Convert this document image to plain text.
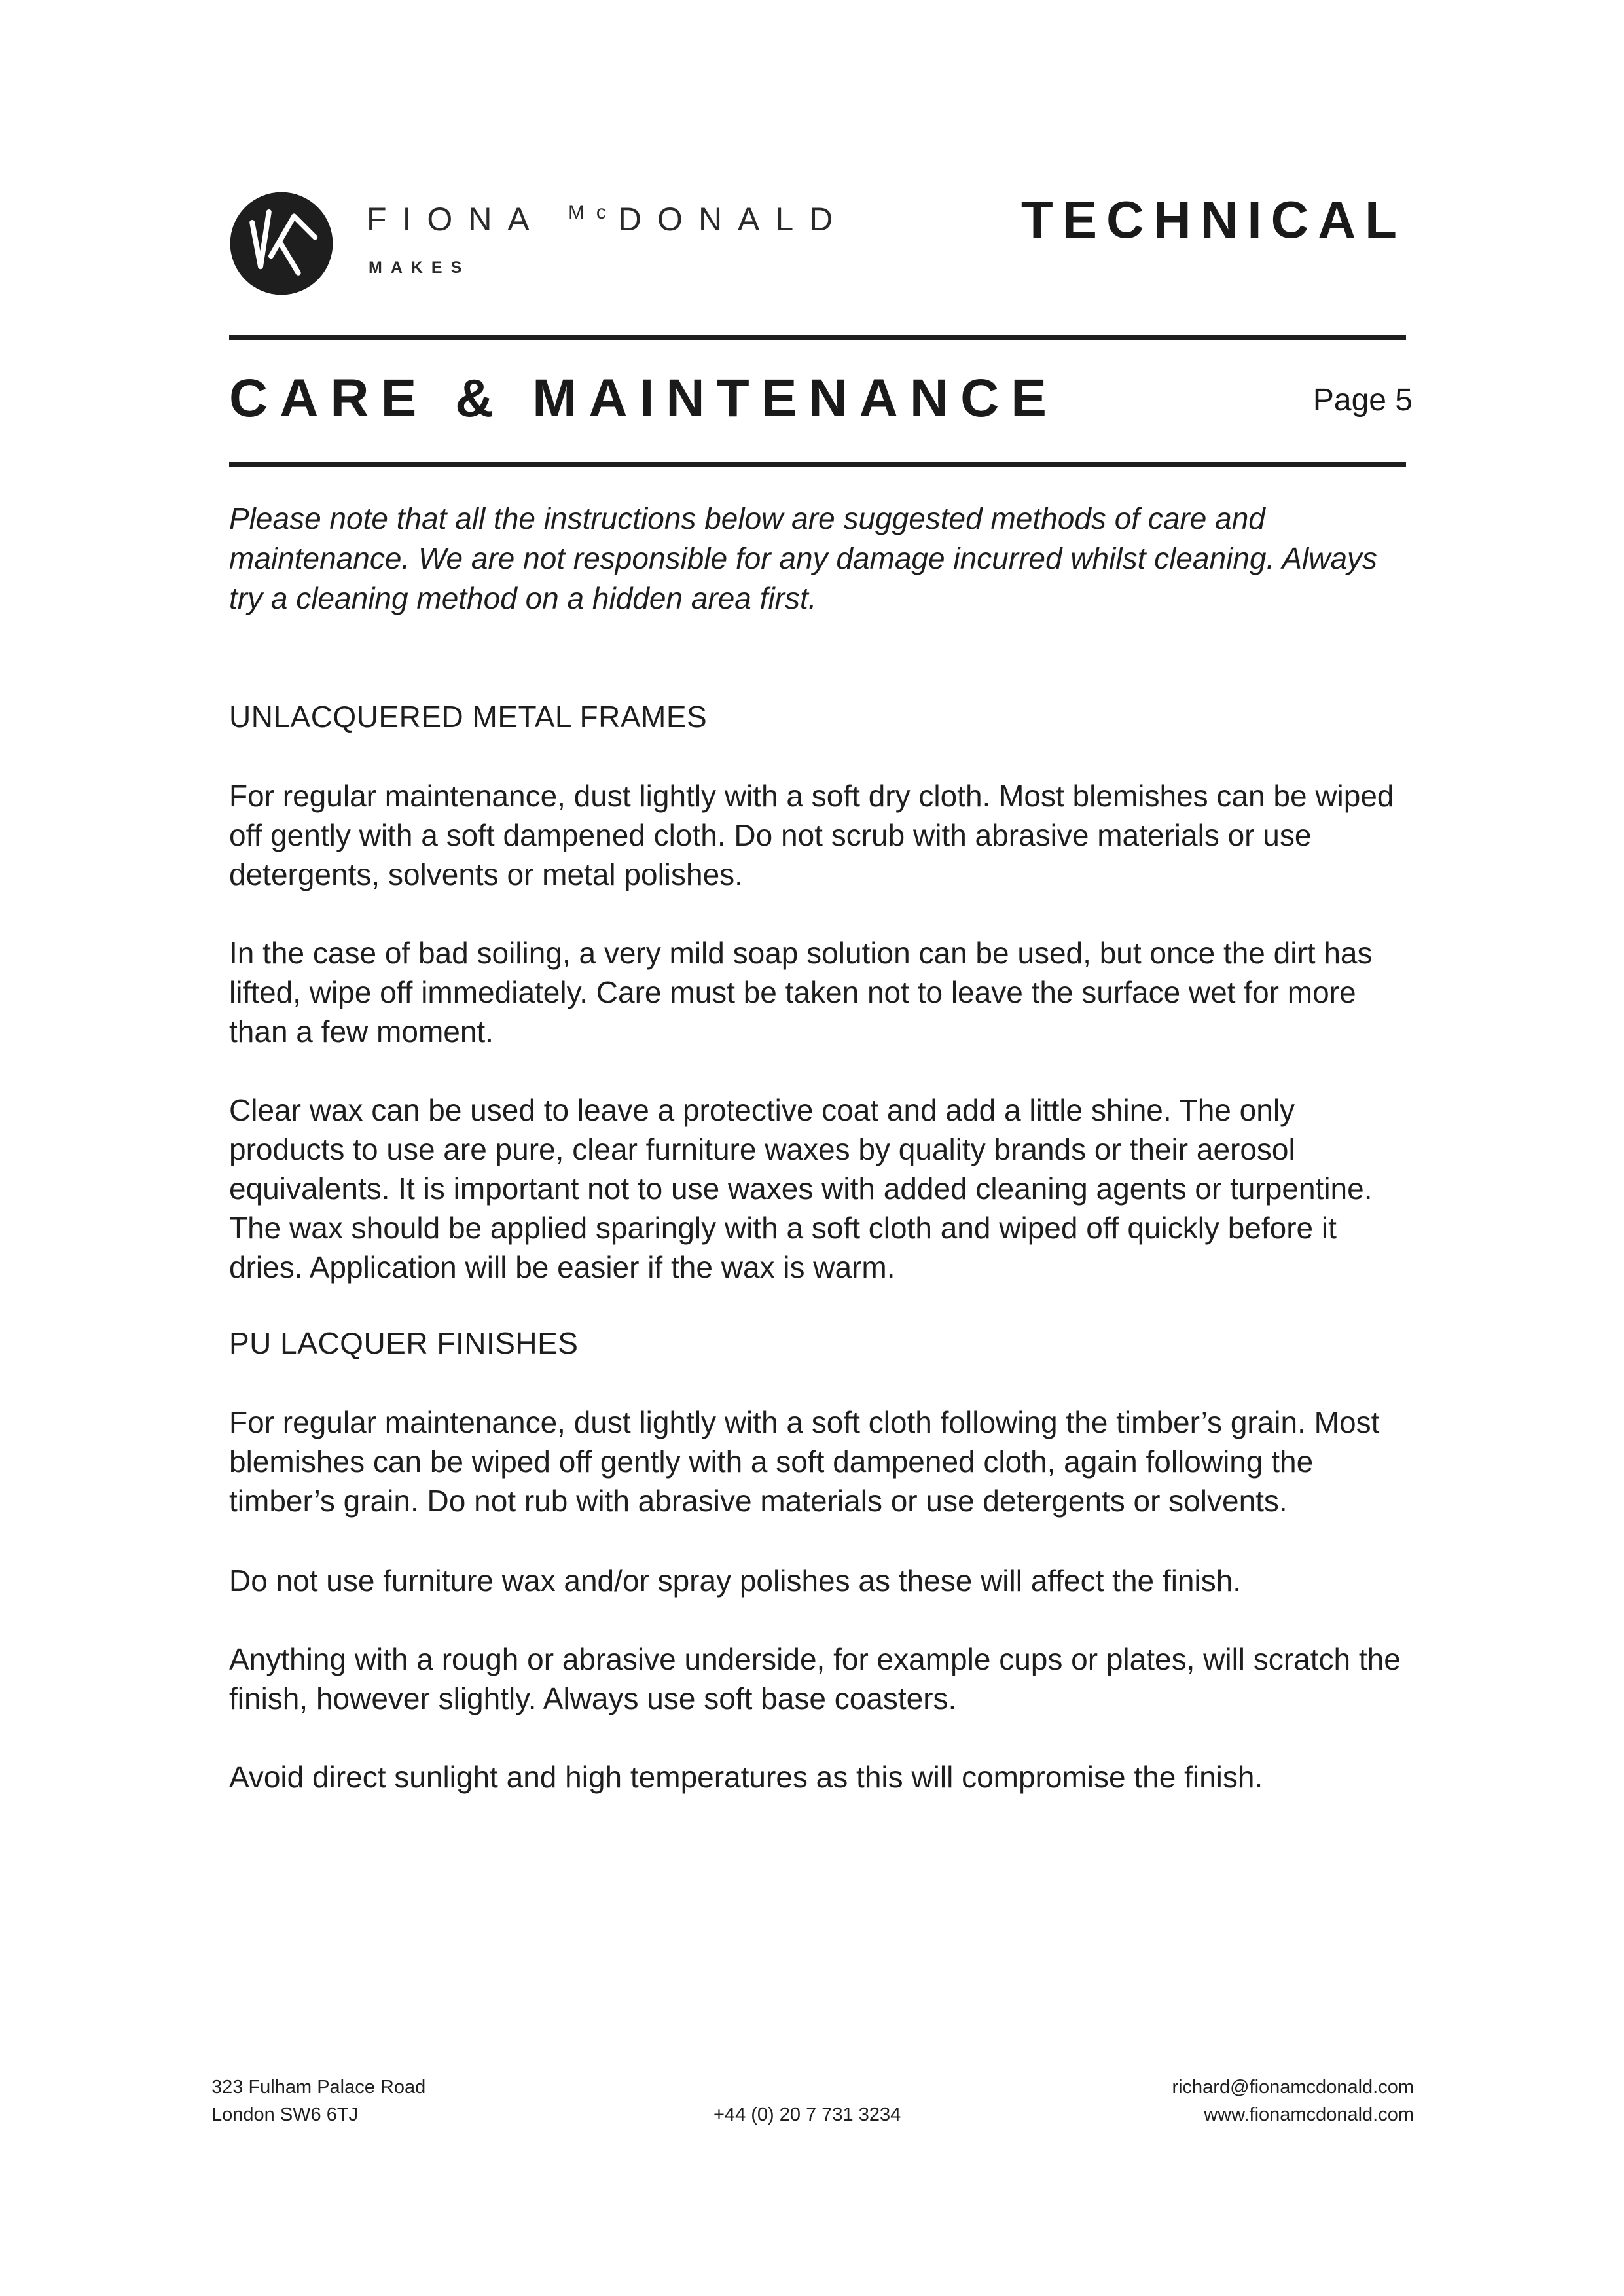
FIONA $^{Mc}$DONALD
MAKES
TECHNICAL
CARE & MAINTENANCE	Page 5

Please note that all the instructions below are suggested methods of care and maintenance. We are not responsible for any damage incurred whilst cleaning. Always try a cleaning method on a hidden area first.

UNLACQUERED METAL FRAMES

For regular maintenance, dust lightly with a soft dry cloth. Most blemishes can be wiped off gently with a soft dampened cloth. Do not scrub with abrasive materials or use detergents, solvents or metal polishes.

In the case of bad soiling, a very mild soap solution can be used, but once the dirt has lifted, wipe off immediately. Care must be taken not to leave the surface wet for more than a few moment.

Clear wax can be used to leave a protective coat and add a little shine. The only products to use are pure, clear furniture waxes by quality brands or their aerosol equivalents. It is important not to use waxes with added cleaning agents or turpentine. The wax should be applied sparingly with a soft cloth and wiped off quickly before it dries. Application will be easier if the wax is warm.

PU LACQUER FINISHES

For regular maintenance, dust lightly with a soft cloth following the timber’s grain. Most blemishes can be wiped off gently with a soft dampened cloth, again following the timber’s grain. Do not rub with abrasive materials or use detergents or solvents.

Do not use furniture wax and/or spray polishes as these will affect the finish.

Anything with a rough or abrasive underside, for example cups or plates, will scratch the finish, however slightly. Always use soft base coasters.

Avoid direct sunlight and high temperatures as this will compromise the finish.

323 Fulham Palace Road
London SW6 6TJ	+44 (0) 20 7 731 3234
richard@fionamcdonald.com
www.fionamcdonald.com
